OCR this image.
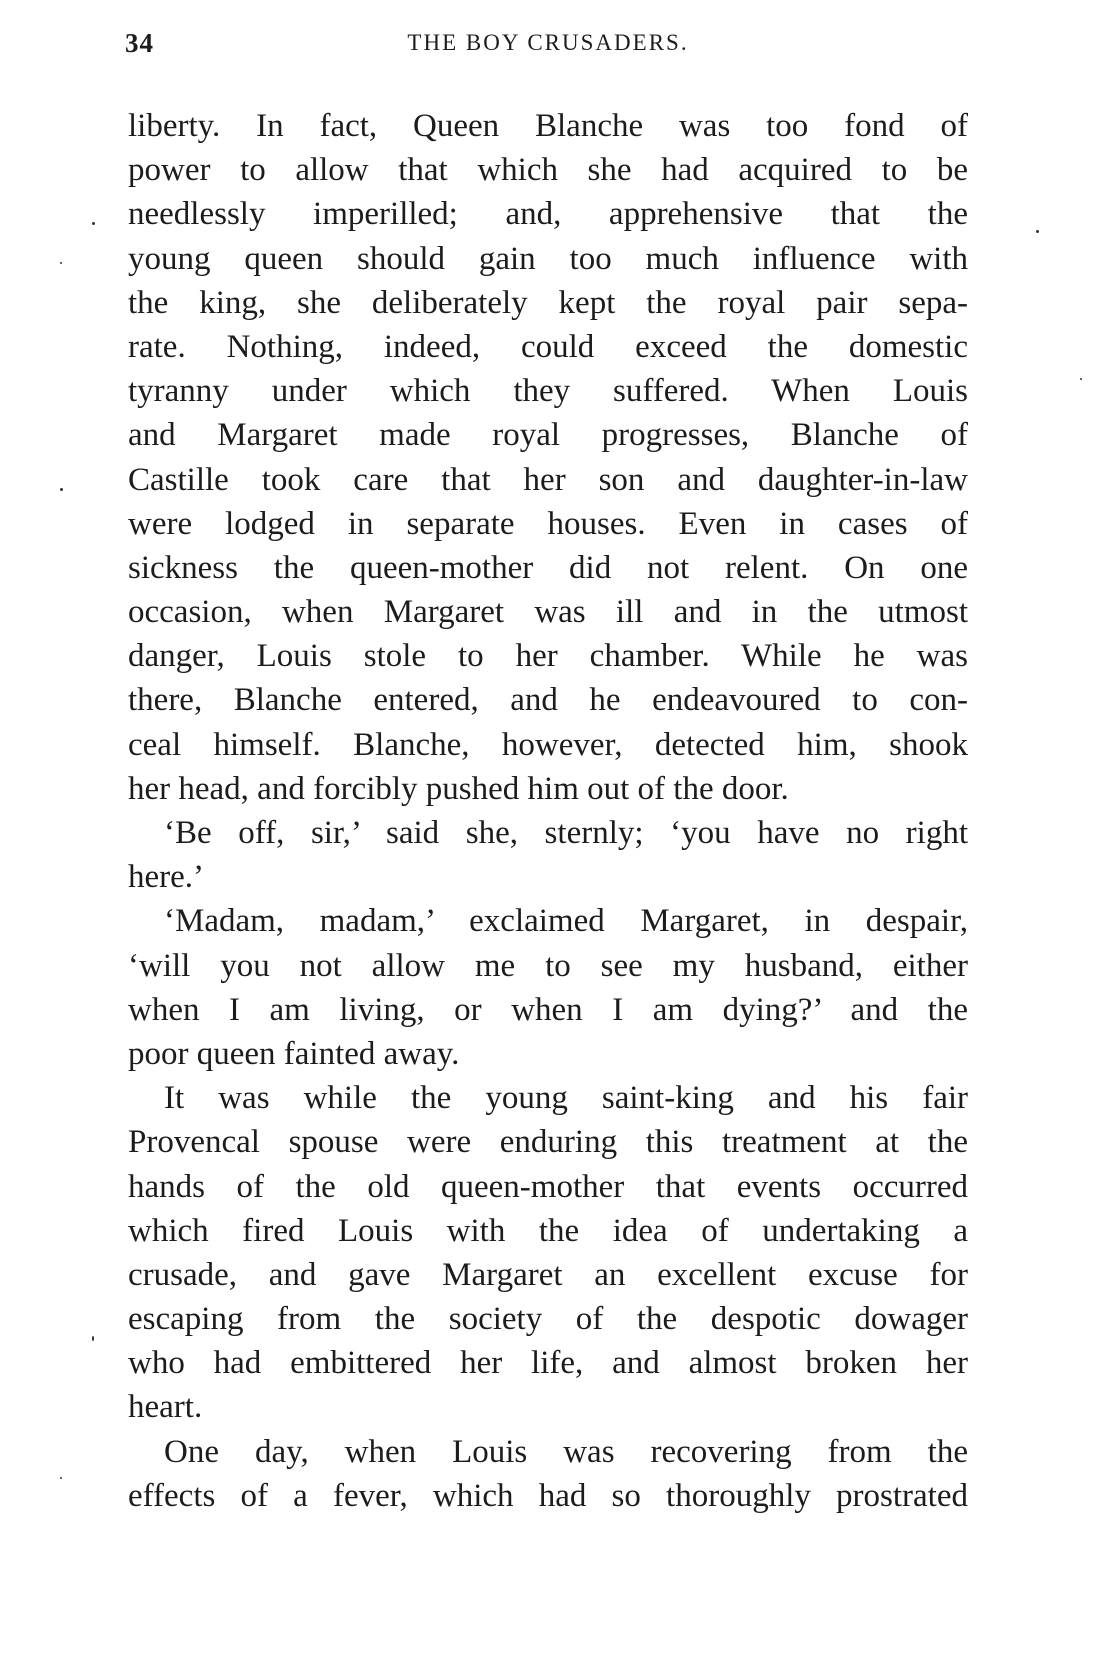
34	THE BOY CRUSADERS.
liberty. In fact, Queen Blanche was too fond of
power to allow that which she had acquired to be
needlessly imperilled; and, apprehensive that the
young queen should gain too much influence with
the king, she deliberately kept the royal pair sepa-
rate. Nothing, indeed, could exceed the domestic
tyranny under which they suffered. When Louis
and Margaret made royal progresses, Blanche of
Castille took care that her son and daughter-in-law
were lodged in separate houses. Even in cases of
sickness the queen-mother did not relent. On one
occasion, when Margaret was ill and in the utmost
danger, Louis stole to her chamber. While he was
there, Blanche entered, and he endeavoured to con-
ceal himself. Blanche, however, detected him, shook
her head, and forcibly pushed him out of the door.
‘Be off, sir,’ said she, sternly; ‘you have no right
here.’
‘Madam, madam,’ exclaimed Margaret, in despair,
‘will you not allow me to see my husband, either
when I am living, or when I am dying?’ and the
poor queen fainted away.
It was while the young saint-king and his fair
Provencal spouse were enduring this treatment at the
hands of the old queen-mother that events occurred
which fired Louis with the idea of undertaking a
crusade, and gave Margaret an excellent excuse for
escaping from the society of the despotic dowager
who had embittered her life, and almost broken her
heart.
One day, when Louis was recovering from the
effects of a fever, which had so thoroughly prostrated
